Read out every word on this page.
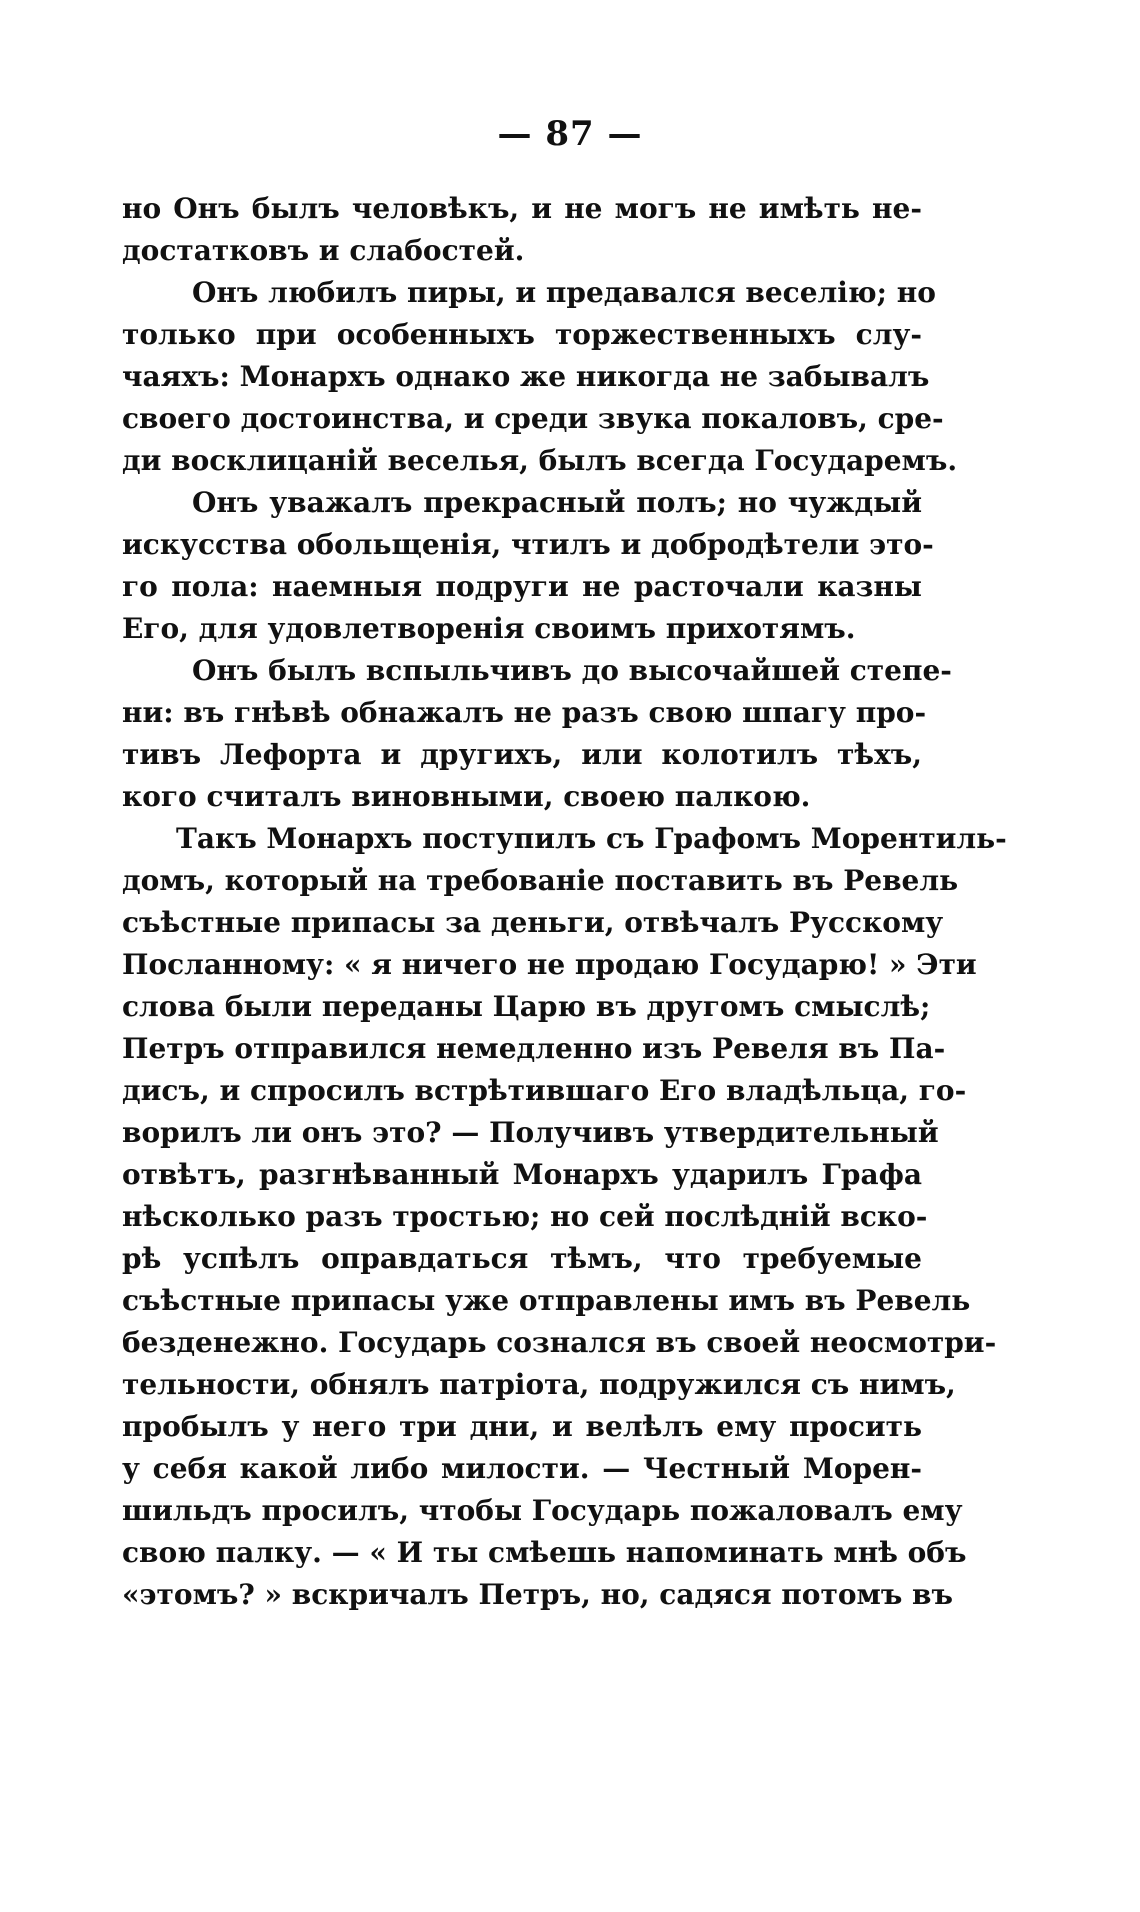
— 87 —
но Онъ былъ человѣкъ, и не могъ не имѣть не-
достатковъ и слабостей.
Онъ любилъ пиры, и предавался веселію; но
только при особенныхъ торжественныхъ слу-
чаяхъ: Монархъ однако же никогда не забывалъ
своего достоинства, и среди звука покаловъ, сре-
ди восклицаній веселья, былъ всегда Государемъ.
Онъ уважалъ прекрасный полъ; но чуждый
искусства обольщенія, чтилъ и добродѣтели это-
го пола: наемныя подруги не расточали казны
Его, для удовлетворенія своимъ прихотямъ.
Онъ былъ вспыльчивъ до высочайшей степе-
ни: въ гнѣвѣ обнажалъ не разъ свою шпагу про-
тивъ Лефорта и другихъ, или колотилъ тѣхъ,
кого считалъ виновными, своею палкою.
Такъ Монархъ поступилъ съ Графомъ Морентиль-
домъ, который на требованіе поставить въ Ревель
съѣстные припасы за деньги, отвѣчалъ Русскому
Посланному: « я ничего не продаю Государю! » Эти
слова были переданы Царю въ другомъ смыслѣ;
Петръ отправился немедленно изъ Ревеля въ Па-
дисъ, и спросилъ встрѣтившаго Его владѣльца, го-
ворилъ ли онъ это? — Получивъ утвердительный
отвѣтъ, разгнѣванный Монархъ ударилъ Графа
нѣсколько разъ тростью; но сей послѣдній вско-
рѣ успѣлъ оправдаться тѣмъ, что требуемые
съѣстные припасы уже отправлены имъ въ Ревель
безденежно. Государь сознался въ своей неосмотри-
тельности, обнялъ патріота, подружился съ нимъ,
пробылъ у него три дни, и велѣлъ ему просить
у себя какой либо милости. — Честный Морен-
шильдъ просилъ, чтобы Государь пожаловалъ ему
свою палку. — « И ты смѣешь напоминать мнѣ объ
«этомъ? » вскричалъ Петръ, но, садяся потомъ въ
